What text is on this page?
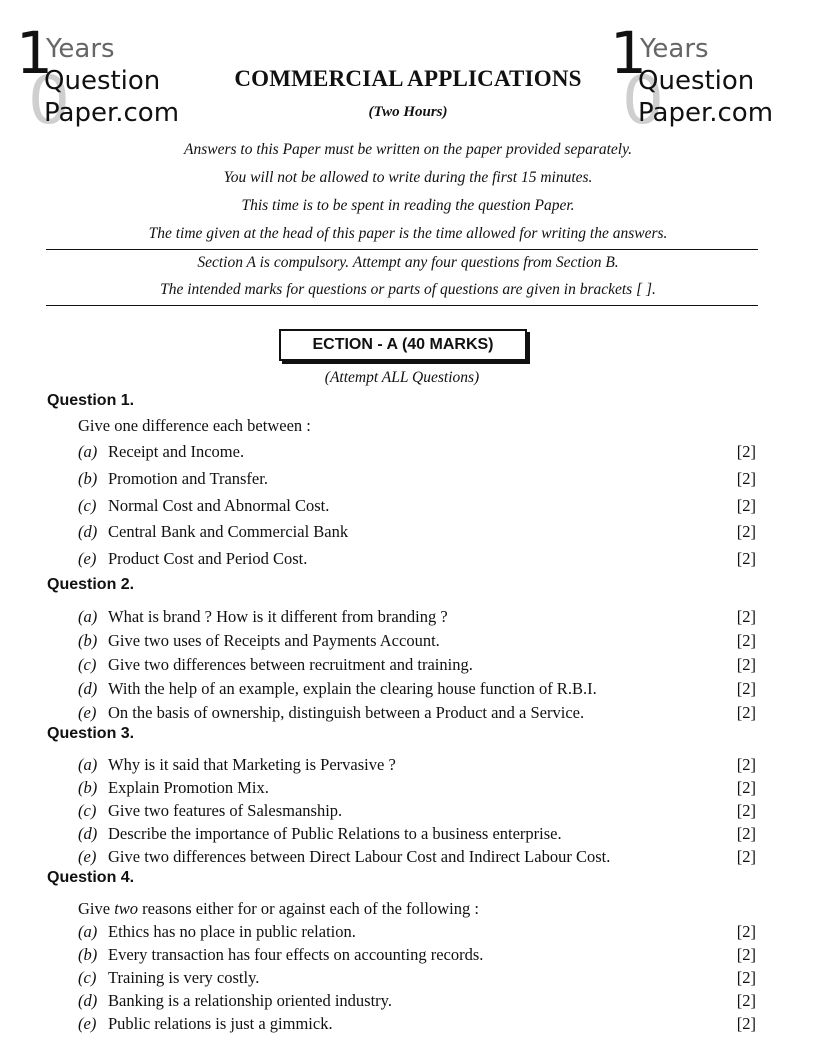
1
0
Years
Question
Paper.com
1
0
Years
Question
Paper.com
COMMERCIAL APPLICATIONS
(Two Hours)
Answers to this Paper must be written on the paper provided separately.
You will not be allowed to write during the first 15 minutes.
This time is to be spent in reading the question Paper.
The time given at the head of this paper is the time allowed for writing the answers.
Section A is compulsory. Attempt any four questions from Section B.
The intended marks for questions or parts of questions are given in brackets [ ].
ECTION - A (40 MARKS)
(Attempt ALL Questions)
Question 1.
Give one difference each between :
(a) Receipt and Income.	[2]
(b) Promotion and Transfer.	[2]
(c) Normal Cost and Abnormal Cost.	[2]
(d) Central Bank and Commercial Bank	[2]
(e) Product Cost and Period Cost.	[2]
Question 2.
(a) What is brand ? How is it different from branding ?	[2]
(b) Give two uses of Receipts and Payments Account.	[2]
(c) Give two differences between recruitment and training.	[2]
(d) With the help of an example, explain the clearing house function of R.B.I.	[2]
(e) On the basis of ownership, distinguish between a Product and a Service.	[2]
Question 3.
(a) Why is it said that Marketing is Pervasive ?	[2]
(b) Explain Promotion Mix.	[2]
(c) Give two features of Salesmanship.	[2]
(d) Describe the importance of Public Relations to a business enterprise.	[2]
(e) Give two differences between Direct Labour Cost and Indirect Labour Cost.	[2]
Question 4.
Give two reasons either for or against each of the following :
(a) Ethics has no place in public relation.	[2]
(b) Every transaction has four effects on accounting records.	[2]
(c) Training is very costly.	[2]
(d) Banking is a relationship oriented industry.	[2]
(e) Public relations is just a gimmick.	[2]
